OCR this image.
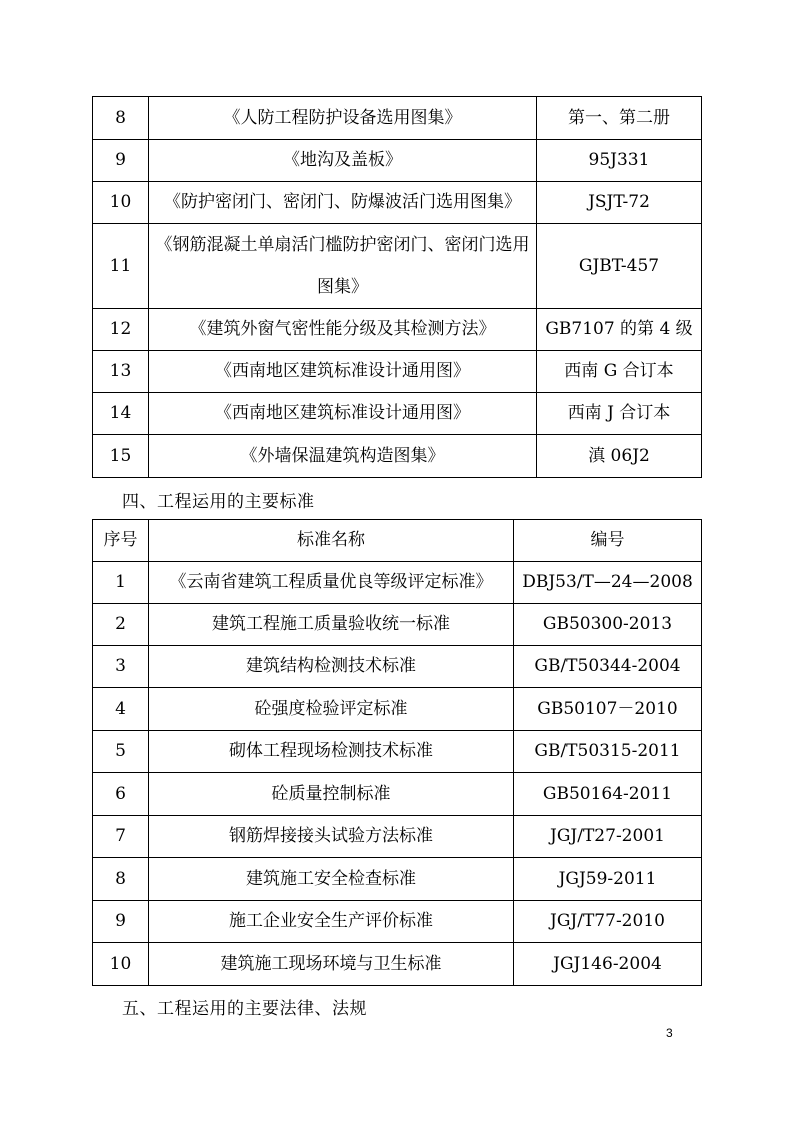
8	《人防工程防护设备选用图集》	第一、第二册
9	《地沟及盖板》	95J331
10	《防护密闭门、密闭门、防爆波活门选用图集》	JSJT-72
11	《钢筋混凝土单扇活门槛防护密闭门、密闭门选用图集》	GJBT-457
12	《建筑外窗气密性能分级及其检测方法》	GB7107 的第 4 级
13	《西南地区建筑标准设计通用图》	西南 G 合订本
14	《西南地区建筑标准设计通用图》	西南 J 合订本
15	《外墙保温建筑构造图集》	滇 06J2

四、工程运用的主要标准

序号	标准名称	编号
1	《云南省建筑工程质量优良等级评定标准》	DBJ53/T—24—2008
2	建筑工程施工质量验收统一标准	GB50300-2013
3	建筑结构检测技术标准	GB/T50344-2004
4	砼强度检验评定标准	GB50107－2010
5	砌体工程现场检测技术标准	GB/T50315-2011
6	砼质量控制标准	GB50164-2011
7	钢筋焊接接头试验方法标准	JGJ/T27-2001
8	建筑施工安全检查标准	JGJ59-2011
9	施工企业安全生产评价标准	JGJ/T77-2010
10	建筑施工现场环境与卫生标准	JGJ146-2004

五、工程运用的主要法律、法规

3
